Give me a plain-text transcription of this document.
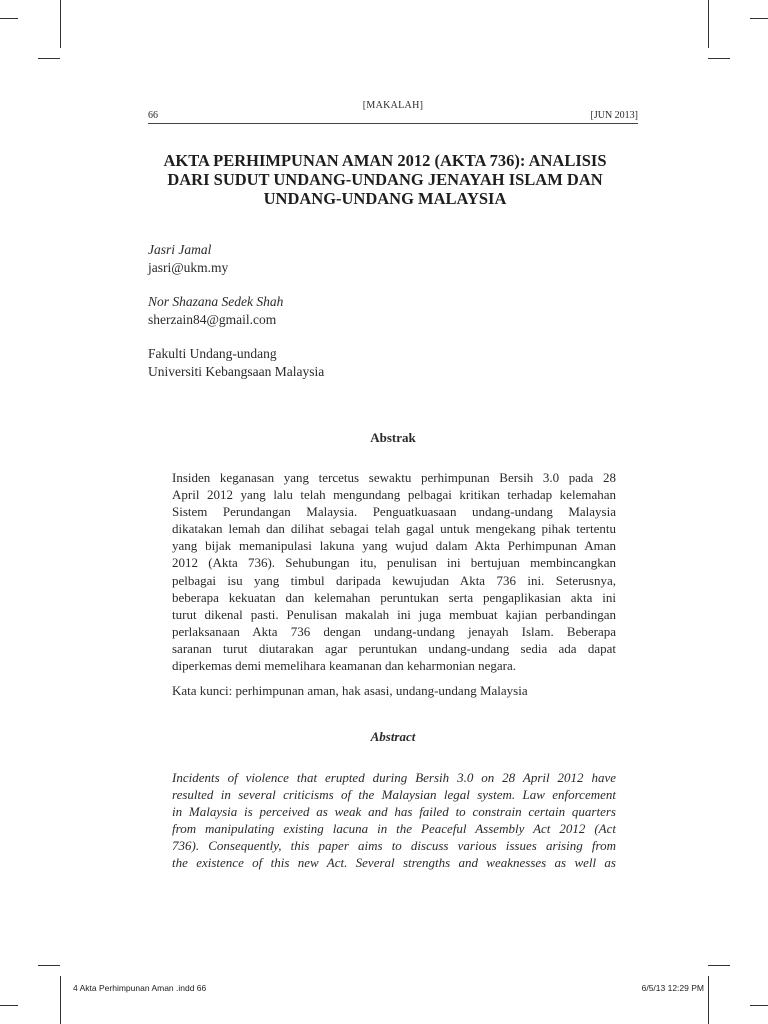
[MAKALAH]
66	[JUN 2013]
AKTA PERHIMPUNAN AMAN 2012 (AKTA 736): ANALISIS
DARI SUDUT UNDANG-UNDANG JENAYAH ISLAM DAN
UNDANG-UNDANG MALAYSIA
Jasri Jamal
jasri@ukm.my
Nor Shazana Sedek Shah
sherzain84@gmail.com
Fakulti Undang-undang
Universiti Kebangsaan Malaysia
Abstrak
Insiden keganasan yang tercetus sewaktu perhimpunan Bersih 3.0 pada 28
April 2012 yang lalu telah mengundang pelbagai kritikan terhadap kelemahan
Sistem Perundangan Malaysia. Penguatkuasaan undang-undang Malaysia
dikatakan lemah dan dilihat sebagai telah gagal untuk mengekang pihak tertentu
yang bijak memanipulasi lakuna yang wujud dalam Akta Perhimpunan Aman
2012 (Akta 736). Sehubungan itu, penulisan ini bertujuan membincangkan
pelbagai isu yang timbul daripada kewujudan Akta 736 ini. Seterusnya,
beberapa kekuatan dan kelemahan peruntukan serta pengaplikasian akta ini
turut dikenal pasti. Penulisan makalah ini juga membuat kajian perbandingan
perlaksanaan Akta 736 dengan undang-undang jenayah Islam. Beberapa
saranan turut diutarakan agar peruntukan undang-undang sedia ada dapat
diperkemas demi memelihara keamanan dan keharmonian negara.
Kata kunci: perhimpunan aman, hak asasi, undang-undang Malaysia
Abstract
Incidents of violence that erupted during Bersih 3.0 on 28 April 2012 have
resulted in several criticisms of the Malaysian legal system. Law enforcement
in Malaysia is perceived as weak and has failed to constrain certain quarters
from manipulating existing lacuna in the Peaceful Assembly Act 2012 (Act
736). Consequently, this paper aims to discuss various issues arising from
the existence of this new Act. Several strengths and weaknesses as well as
4 Akta Perhimpunan Aman .indd 66	6/5/13 12:29 PM
